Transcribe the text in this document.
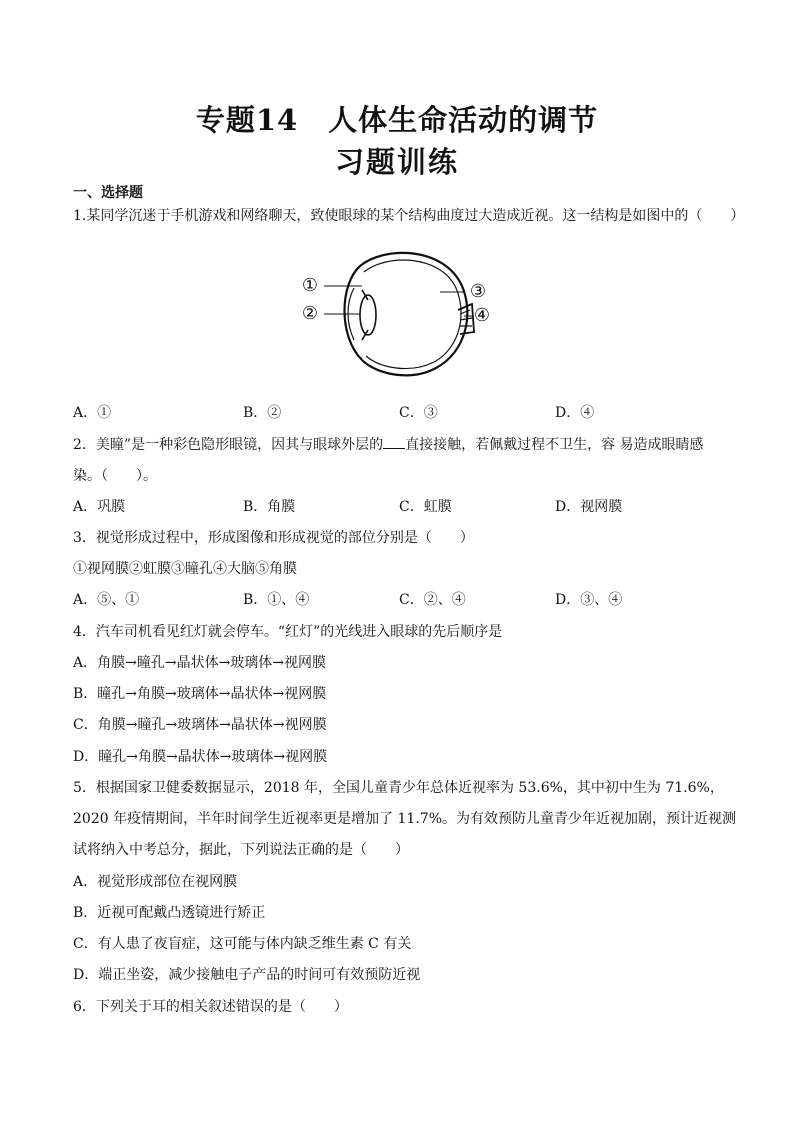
专题14　人体生命活动的调节
习题训练
一、选择题
1.某同学沉迷于手机游戏和网络聊天，致使眼球的某个结构曲度过大造成近视。这一结构是如图中的（　　）
①
②
③
④
A．①	B．②	C．③	D．④
2．美瞳”是一种彩色隐形眼镜，因其与眼球外层的 直接接触，若佩戴过程不卫生，容 易造成眼睛感
染。（　　）。
A．巩膜	B．角膜	C．虹膜	D．视网膜
3．视觉形成过程中，形成图像和形成视觉的部位分别是（　　）
①视网膜②虹膜③瞳孔④大脑⑤角膜
A．⑤、①	B．①、④	C．②、④	D．③、④
4．汽车司机看见红灯就会停车。“红灯”的光线进入眼球的先后顺序是
A．角膜→瞳孔→晶状体→玻璃体→视网膜
B．瞳孔→角膜→玻璃体→晶状体→视网膜
C．角膜→瞳孔→玻璃体→晶状体→视网膜
D．瞳孔→角膜→晶状体→玻璃体→视网膜
5．根据国家卫健委数据显示，2018 年，全国儿童青少年总体近视率为 53.6%，其中初中生为 71.6%，
2020 年疫情期间，半年时间学生近视率更是增加了 11.7%。为有效预防儿童青少年近视加剧，预计近视测
试将纳入中考总分，据此，下列说法正确的是（　　）
A．视觉形成部位在视网膜
B．近视可配戴凸透镜进行矫正
C．有人患了夜盲症，这可能与体内缺乏维生素 C 有关
D．端正坐姿，减少接触电子产品的时间可有效预防近视
6．下列关于耳的相关叙述错误的是（　　）
